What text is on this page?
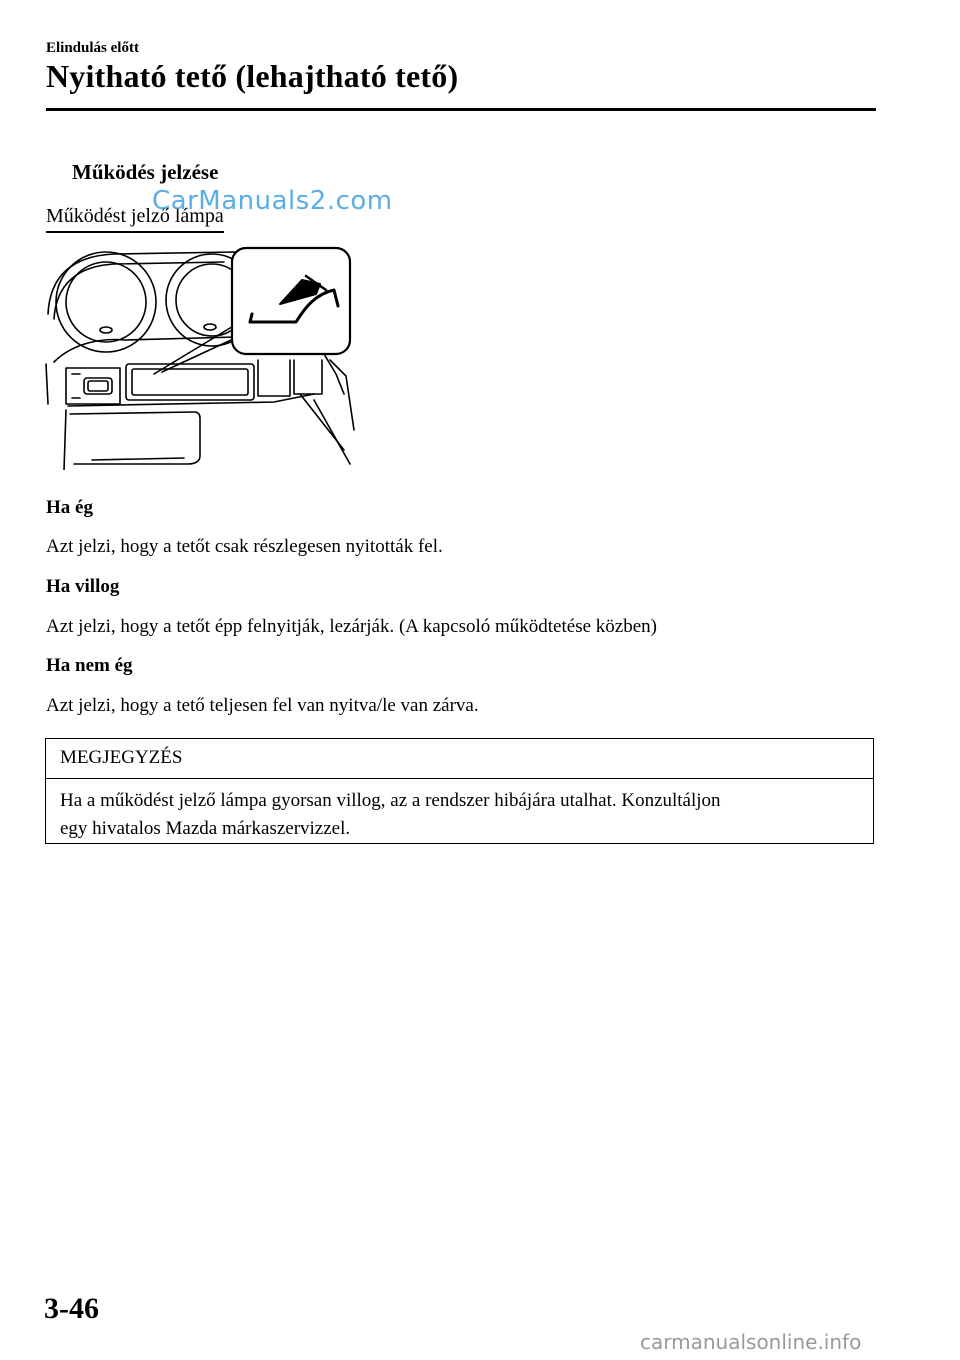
Elindulás előtt
Nyitható tető (lehajtható tető)
Működés jelzése
Működést jelző lámpa
CarManuals2.com
Ha ég
Azt jelzi, hogy a tetőt csak részlegesen nyitották fel.
Ha villog
Azt jelzi, hogy a tetőt épp felnyitják, lezárják. (A kapcsoló működtetése közben)
Ha nem ég
Azt jelzi, hogy a tető teljesen fel van nyitva/le van zárva.
MEGJEGYZÉS
Ha a működést jelző lámpa gyorsan villog, az a rendszer hibájára utalhat. Konzultáljon
egy hivatalos Mazda márkaszervizzel.
3-46
carmanualsonline.info
